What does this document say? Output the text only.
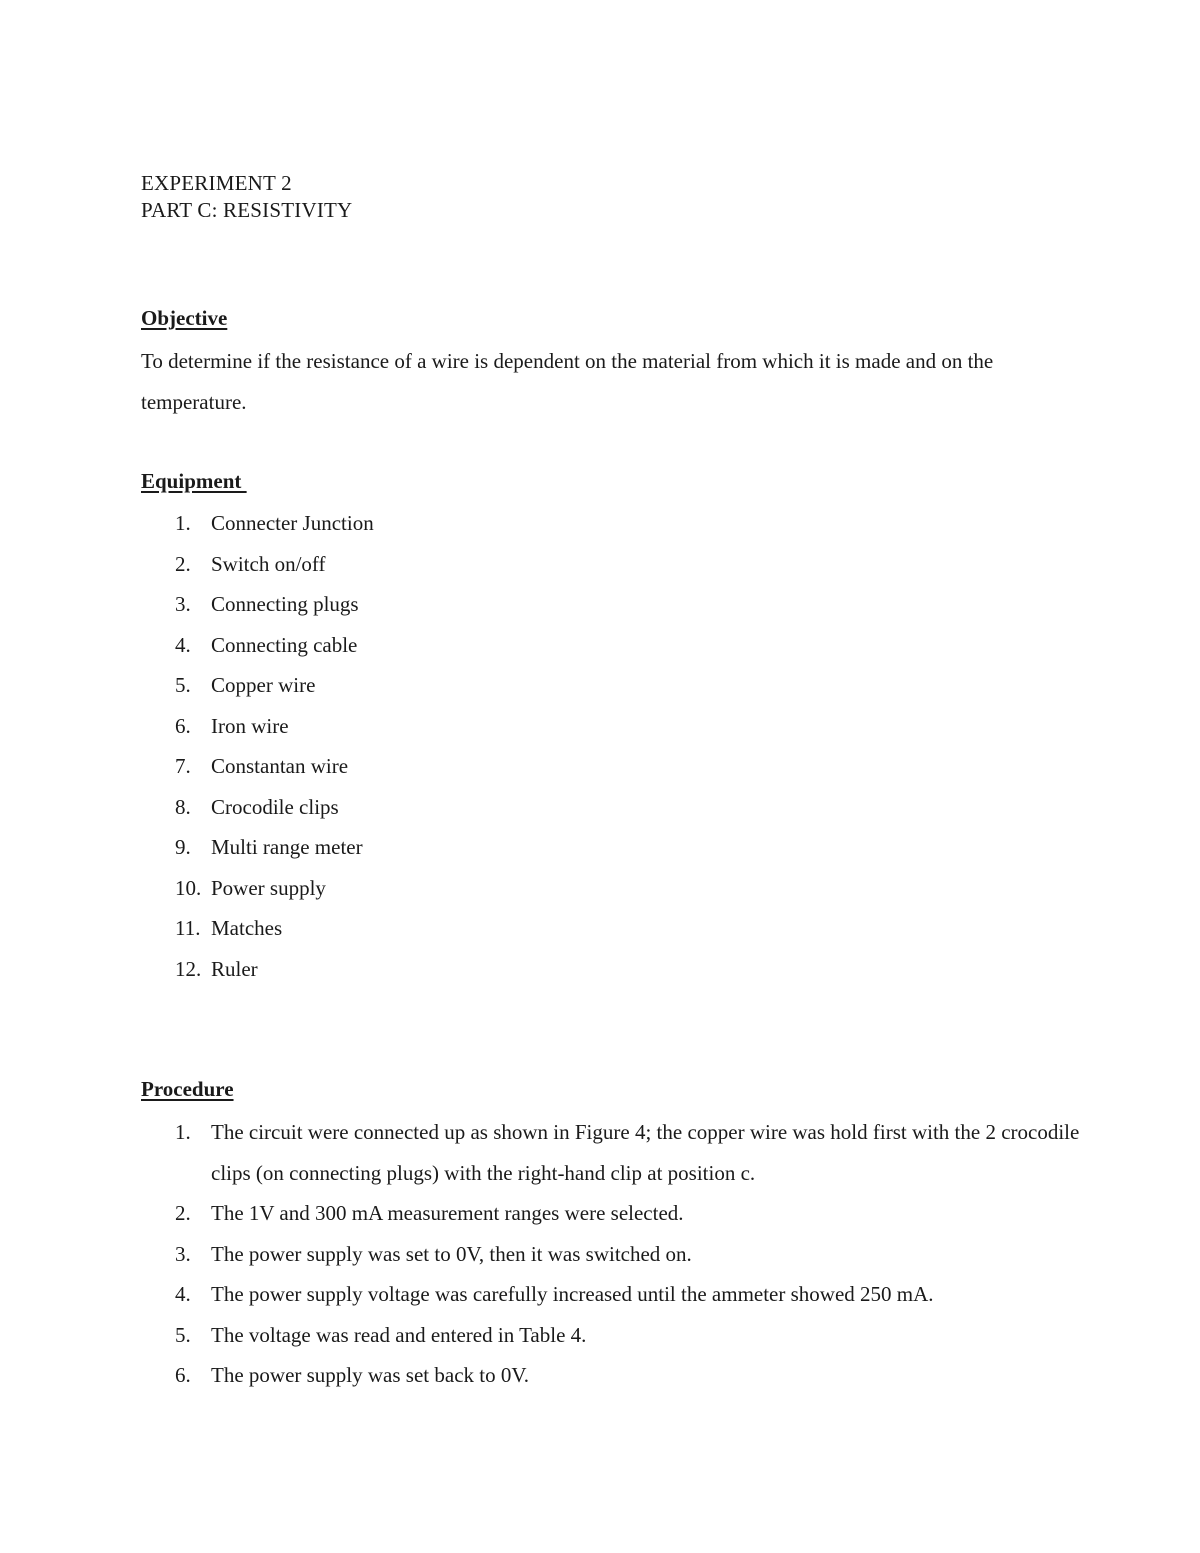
EXPERIMENT 2
PART C: RESISTIVITY
Objective
To determine if the resistance of a wire is dependent on the material from which it is made and on the temperature.
Equipment
1. Connecter Junction
2. Switch on/off
3. Connecting plugs
4. Connecting cable
5. Copper wire
6. Iron wire
7. Constantan wire
8. Crocodile clips
9. Multi range meter
10. Power supply
11. Matches
12. Ruler
Procedure
1. The circuit were connected up as shown in Figure 4; the copper wire was hold first with the 2 crocodile clips (on connecting plugs) with the right-hand clip at position c.
2. The 1V and 300 mA measurement ranges were selected.
3. The power supply was set to 0V, then it was switched on.
4. The power supply voltage was carefully increased until the ammeter showed 250 mA.
5. The voltage was read and entered in Table 4.
6. The power supply was set back to 0V.
